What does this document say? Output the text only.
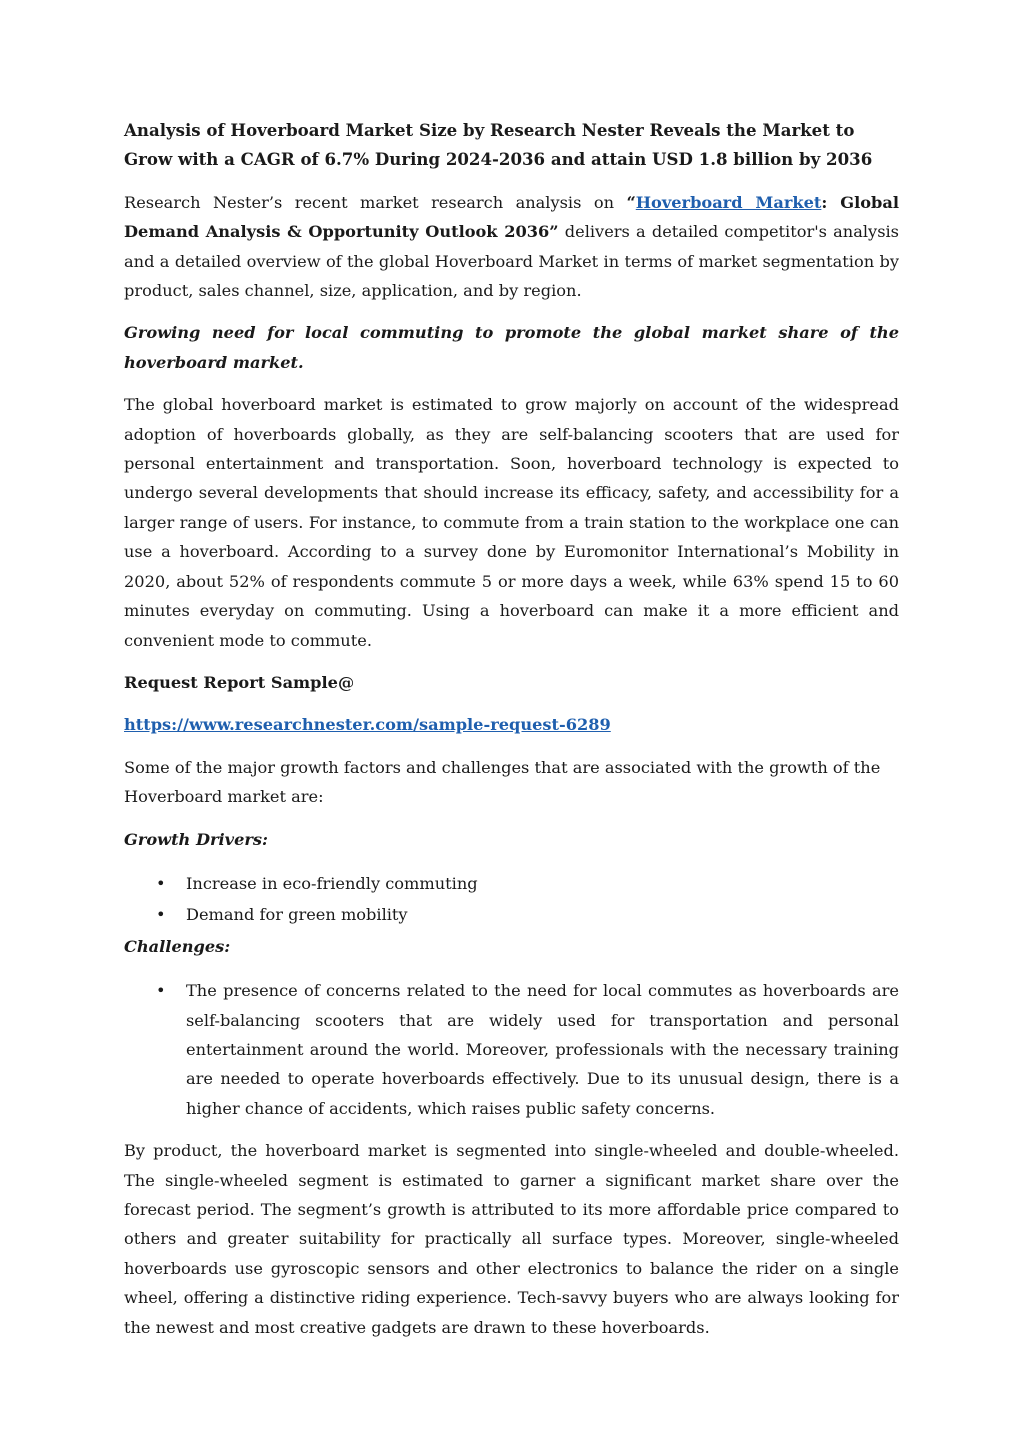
Analysis of Hoverboard Market Size by Research Nester Reveals the Market to Grow with a CAGR of 6.7% During 2024-2036 and attain USD 1.8 billion by 2036

Research Nester’s recent market research analysis on “Hoverboard Market: Global Demand Analysis & Opportunity Outlook 2036” delivers a detailed competitor's analysis and a detailed overview of the global Hoverboard Market in terms of market segmentation by product, sales channel, size, application, and by region.

Growing need for local commuting to promote the global market share of the hoverboard market.

The global hoverboard market is estimated to grow majorly on account of the widespread adoption of hoverboards globally, as they are self-balancing scooters that are used for personal entertainment and transportation. Soon, hoverboard technology is expected to undergo several developments that should increase its efficacy, safety, and accessibility for a larger range of users. For instance, to commute from a train station to the workplace one can use a hoverboard. According to a survey done by Euromonitor International’s Mobility in 2020, about 52% of respondents commute 5 or more days a week, while 63% spend 15 to 60 minutes everyday on commuting. Using a hoverboard can make it a more efficient and convenient mode to commute.

Request Report Sample@

https://www.researchnester.com/sample-request-6289

Some of the major growth factors and challenges that are associated with the growth of the
Hoverboard market are:

Growth Drivers:

• Increase in eco-friendly commuting
• Demand for green mobility

Challenges:

• The presence of concerns related to the need for local commutes as hoverboards are self-balancing scooters that are widely used for transportation and personal entertainment around the world. Moreover, professionals with the necessary training are needed to operate hoverboards effectively. Due to its unusual design, there is a higher chance of accidents, which raises public safety concerns.

By product, the hoverboard market is segmented into single-wheeled and double-wheeled. The single-wheeled segment is estimated to garner a significant market share over the forecast period. The segment’s growth is attributed to its more affordable price compared to others and greater suitability for practically all surface types. Moreover, single-wheeled hoverboards use gyroscopic sensors and other electronics to balance the rider on a single wheel, offering a distinctive riding experience. Tech-savvy buyers who are always looking for the newest and most creative gadgets are drawn to these hoverboards.
